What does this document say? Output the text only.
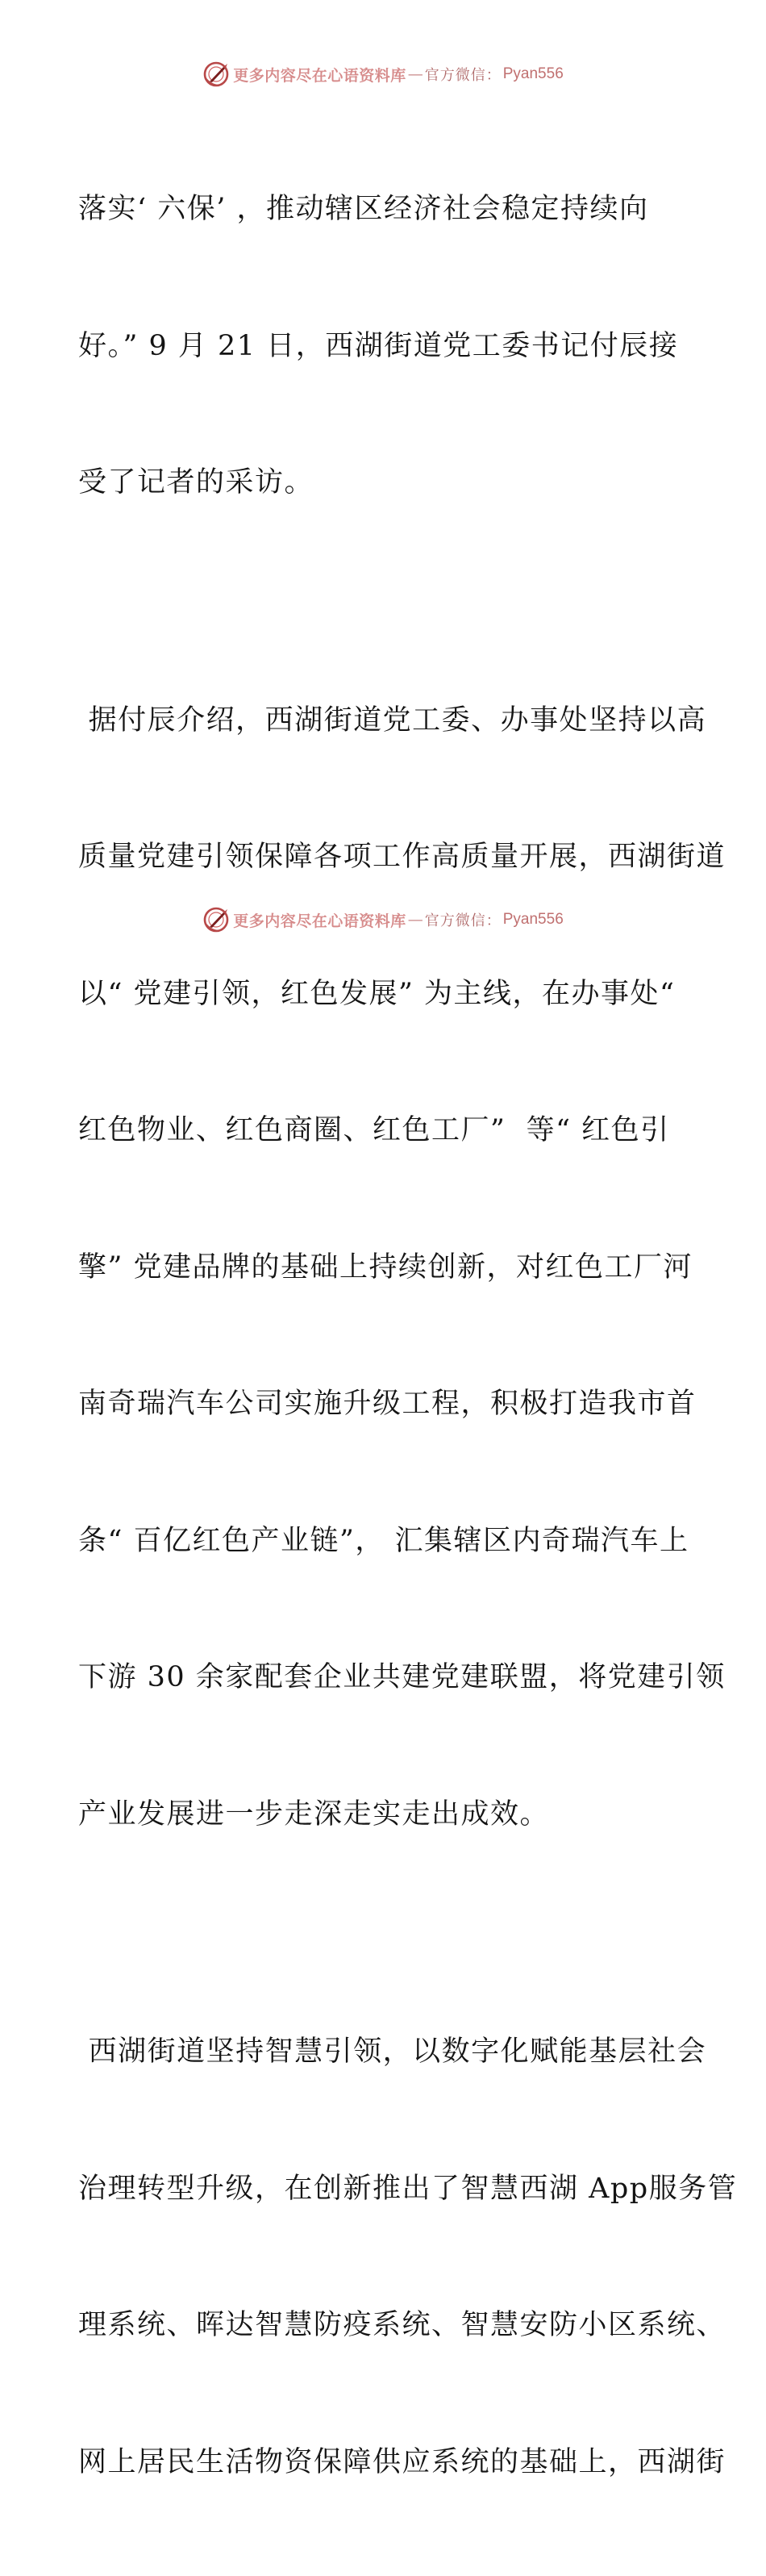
更多内容尽在心语资料库 — 官方微信： Pyan556

落实‘ 六保’ ，推动辖区经济社会稳定持续向

好。” 9 月 21 日，西湖街道党工委书记付辰接

受了记者的采访。

据付辰介绍，西湖街道党工委、办事处坚持以高

质量党建引领保障各项工作高质量开展，西湖街道

以“ 党建引领，红色发展” 为主线，在办事处“

红色物业、红色商圈、红色工厂”  等“ 红色引

擎” 党建品牌的基础上持续创新，对红色工厂河

南奇瑞汽车公司实施升级工程，积极打造我市首

条“ 百亿红色产业链”， 汇集辖区内奇瑞汽车上

下游 30 余家配套企业共建党建联盟，将党建引领

产业发展进一步走深走实走出成效。

西湖街道坚持智慧引领，以数字化赋能基层社会

治理转型升级，在创新推出了智慧西湖 App服务管

理系统、晖达智慧防疫系统、智慧安防小区系统、

网上居民生活物资保障供应系统的基础上，西湖街

更多内容尽在心语资料库 — 官方微信： Pyan556
